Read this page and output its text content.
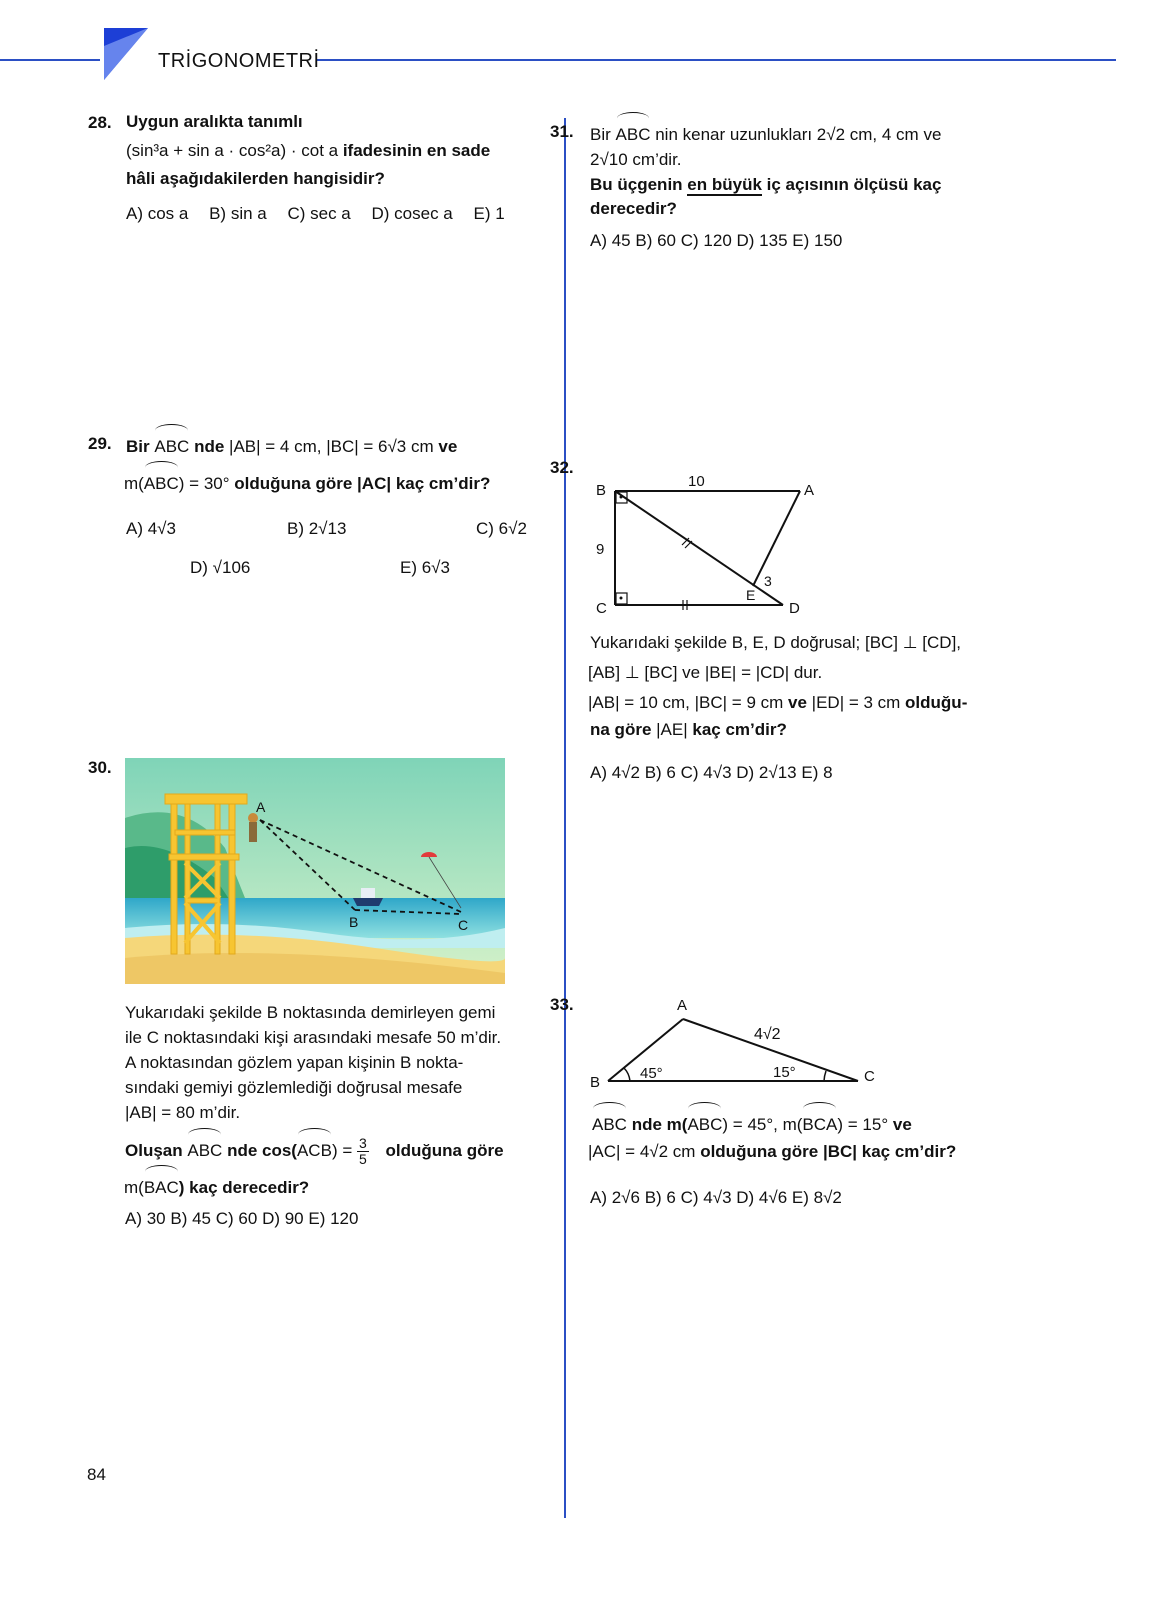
TRİGONOMETRİ
28. Uygun aralıkta tanımlı
(sin³a + sin a · cos²a) · cot a ifadesinin en sade
hâli aşağıdakilerden hangisidir?
A) cos a B) sin a C) sec a D) cosec a E) 1
29. Bir ABC nde |AB| = 4 cm, |BC| = 6√3 cm ve
m(ABC) = 30° olduğuna göre |AC| kaç cm’dir?
A) 4√3	B) 2√13	C) 6√2
D) √106	E) 6√3
30.
A
B	C
Yukarıdaki şekilde B noktasında demirleyen gemi
ile C noktasındaki kişi arasındaki mesafe 50 m’dir.
A noktasından gözlem yapan kişinin B nokta-
sındaki gemiyi gözlemlediği doğrusal mesafe
|AB| = 80 m’dir.
Oluşan ABC nde $\cos(ACB) = \frac{3}{5}$ olduğuna göre
m(BAC) kaç derecedir?
A) 30 B) 45 C) 60 D) 90 E) 120
31. Bir ABC nin kenar uzunlukları 2√2 cm, 4 cm ve
2√10 cm’dir.
Bu üçgenin en büyük iç açısının ölçüsü kaç
derecedir?
A) 45 B) 60 C) 120 D) 135 E) 150
32.
B	A
C	D
E
10
9
3
Yukarıdaki şekilde B, E, D doğrusal; [BC] ⊥ [CD],
[AB] ⊥ [BC] ve |BE| = |CD| dur.
|AB| = 10 cm, |BC| = 9 cm ve |ED| = 3 cm olduğu-
na göre |AE| kaç cm’dir?
A) 4√2 B) 6 C) 4√3 D) 2√13 E) 8
33.	A
B	C
4√2
45°	15°
ABC nde m(ABC) = 45°, m(BCA) = 15° ve
|AC| = 4√2 cm olduğuna göre |BC| kaç cm’dir?
A) 2√6 B) 6 C) 4√3 D) 4√6 E) 8√2
84
